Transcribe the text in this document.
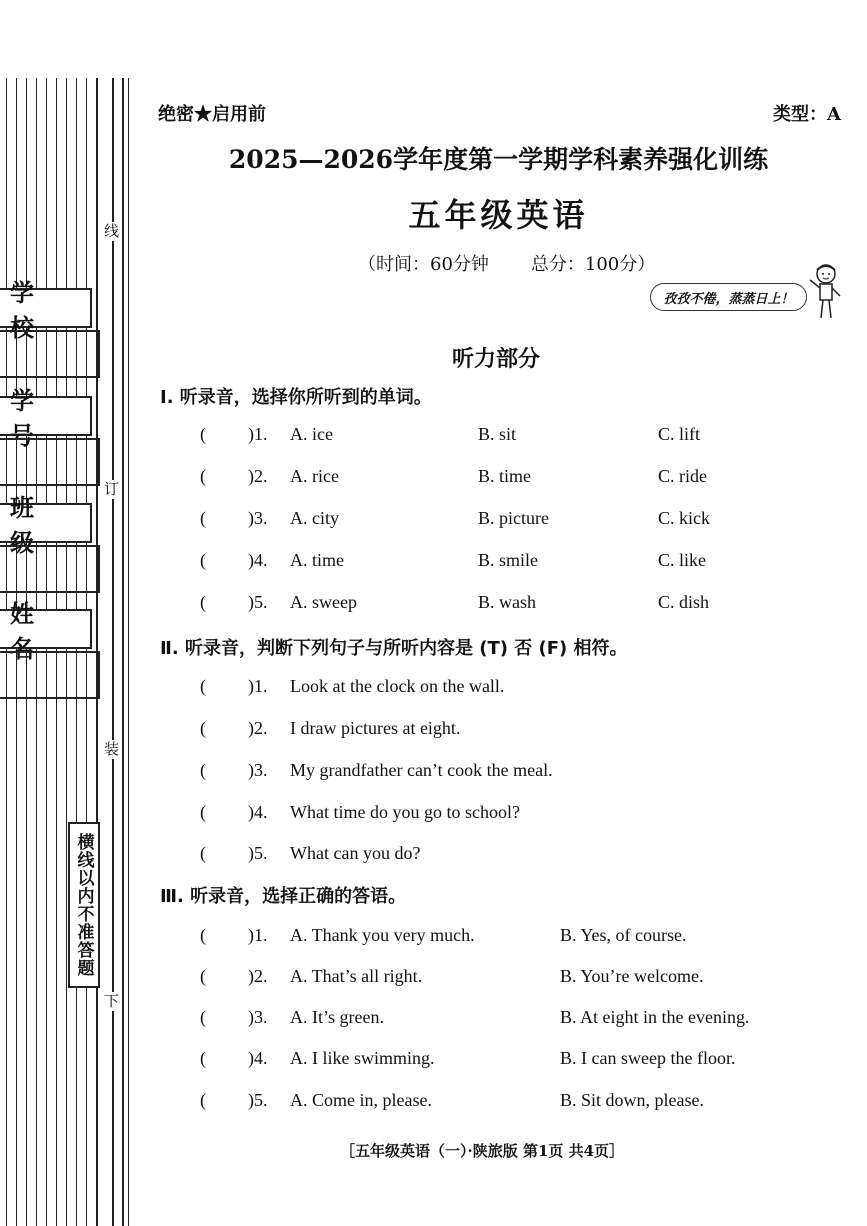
学 校
学 号
班 级
姓 名
线
订
装
下
横线以内不准答题
绝密★启用前	类型：A
2025—2026学年度第一学期学科素养强化训练
五年级英语
（时间：60分钟 总分：100分）
孜孜不倦，蒸蒸日上！
听力部分
Ⅰ. 听录音，选择你所听到的单词。
( )1. A. ice	B. sit	C. lift
( )2. A. rice	B. time	C. ride
( )3. A. city	B. picture	C. kick
( )4. A. time	B. smile	C. like
( )5. A. sweep	B. wash	C. dish
Ⅱ. 听录音，判断下列句子与所听内容是 (T) 否 (F) 相符。
( )1. Look at the clock on the wall.
( )2. I draw pictures at eight.
( )3. My grandfather can’t cook the meal.
( )4. What time do you go to school?
( )5. What can you do?
Ⅲ. 听录音，选择正确的答语。
( )1. A. Thank you very much.	B. Yes, of course.
( )2. A. That’s all right.	B. You’re welcome.
( )3. A. It’s green.	B. At eight in the evening.
( )4. A. I like swimming.	B. I can sweep the floor.
( )5. A. Come in, please.	B. Sit down, please.
［五年级英语（一）·陕旅版 第1页 共4页］
